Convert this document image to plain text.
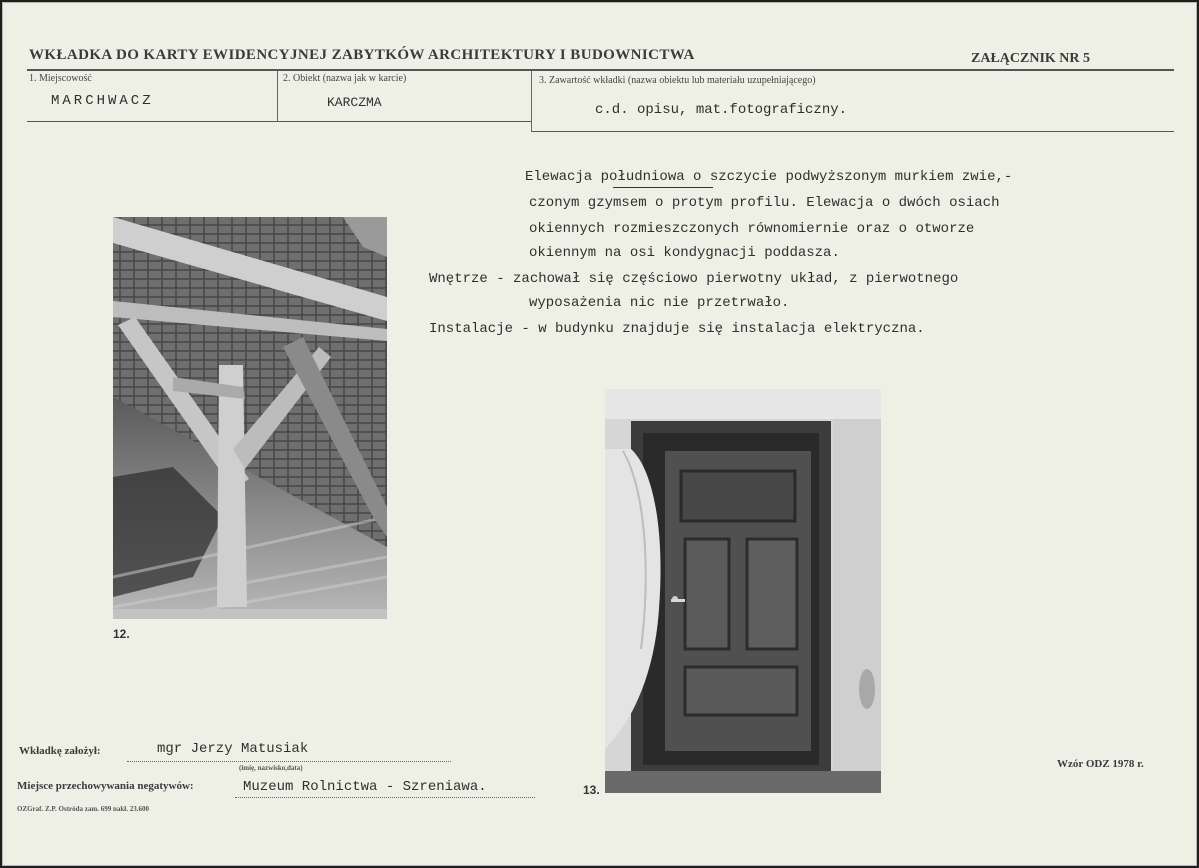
WKŁADKA DO KARTY EWIDENCYJNEJ ZABYTKÓW ARCHITEKTURY I BUDOWNICTWA	ZAŁĄCZNIK NR 5
1. Miejscowość
MARCHWACZ
2. Obiekt (nazwa jak w karcie)
KARCZMA
3. Zawartość wkładki (nazwa obiektu lub materiału uzupełniającego)
c.d. opisu, mat.fotograficzny.
Elewacja południowa o szczycie podwyższonym murkiem zwie,-
czonym gzymsem o protym profilu. Elewacja o dwóch osiach
okiennych rozmieszczonych równomiernie oraz o otworze
okiennym na osi kondygnacji poddasza.
Wnętrze - zachował się częściowo pierwotny układ, z pierwotnego
wyposażenia nic nie przetrwało.
Instalacje - w budynku znajduje się instalacja elektryczna.
12.
13.
Wkładkę założył:	mgr Jerzy Matusiak
(imię, nazwisko,data)
Miejsce przechowywania negatywów:	Muzeum Rolnictwa - Szreniawa.
OZGraf. Z.P. Ostróda zam. 699 nakł. 23.600
Wzór ODZ 1978 r.
